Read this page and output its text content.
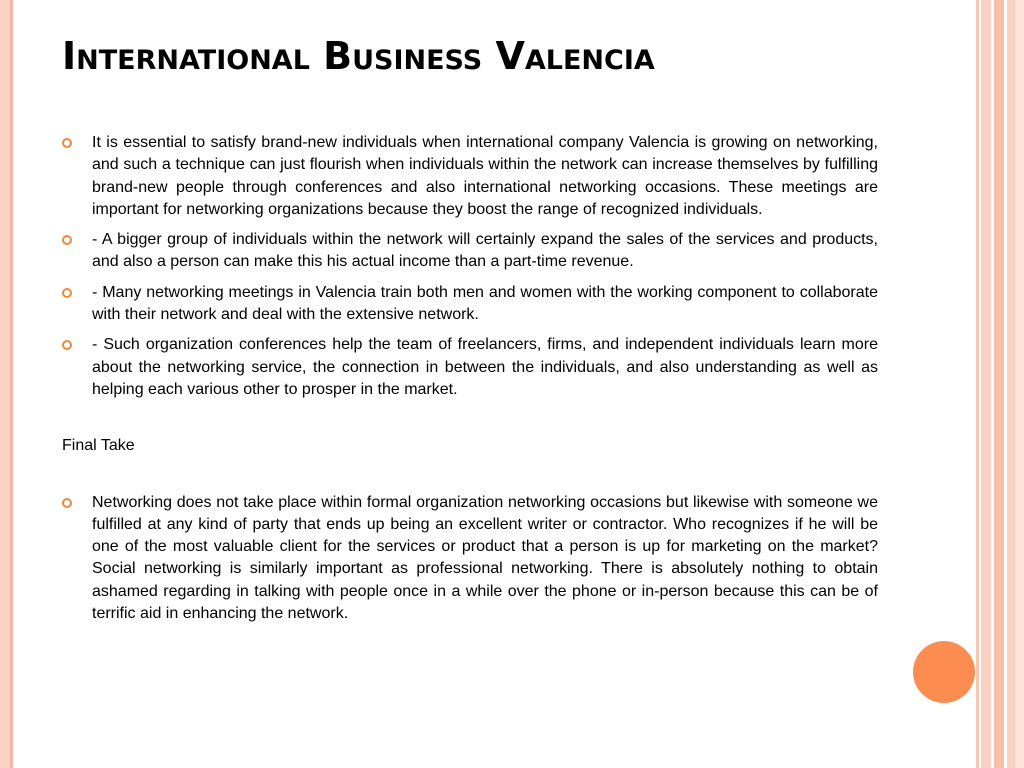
International Business Valencia
It is essential to satisfy brand-new individuals when international company Valencia is growing on networking, and such a technique can just flourish when individuals within the network can increase themselves by fulfilling brand-new people through conferences and also international networking occasions. These meetings are important for networking organizations because they boost the range of recognized individuals.
- A bigger group of individuals within the network will certainly expand the sales of the services and products, and also a person can make this his actual income than a part-time revenue.
- Many networking meetings in Valencia train both men and women with the working component to collaborate with their network and deal with the extensive network.
- Such organization conferences help the team of freelancers, firms, and independent individuals learn more about the networking service, the connection in between the individuals, and also understanding as well as helping each various other to prosper in the market.
Final Take
Networking does not take place within formal organization networking occasions but likewise with someone we fulfilled at any kind of party that ends up being an excellent writer or contractor. Who recognizes if he will be one of the most valuable client for the services or product that a person is up for marketing on the market? Social networking is similarly important as professional networking. There is absolutely nothing to obtain ashamed regarding in talking with people once in a while over the phone or in-person because this can be of terrific aid in enhancing the network.
